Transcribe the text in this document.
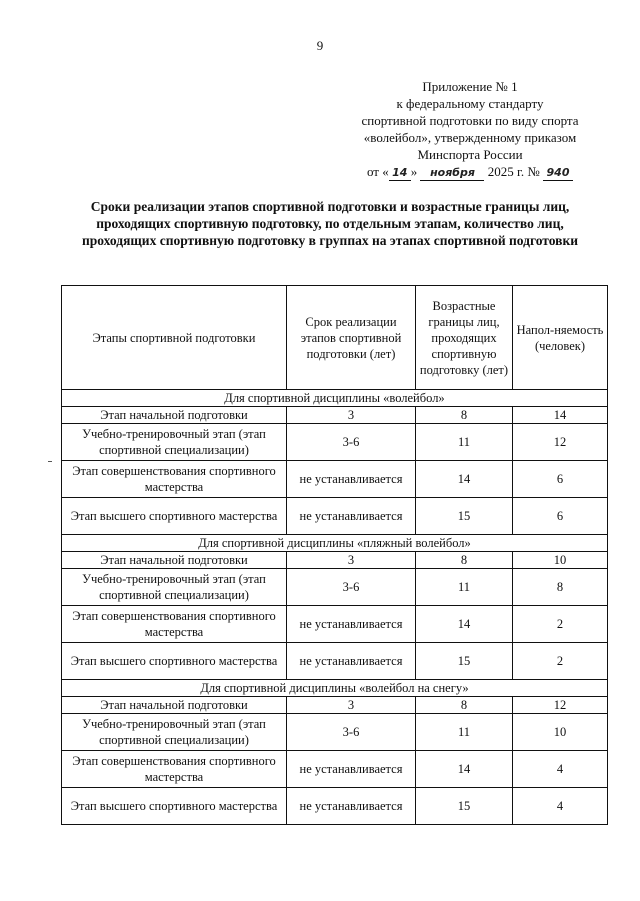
9
Приложение № 1
к федеральному стандарту
спортивной подготовки по виду спорта
«волейбол», утвержденному приказом
Минспорта России
от « 14 » ноября 2025 г. № 940
Сроки реализации этапов спортивной подготовки и возрастные границы лиц, проходящих спортивную подготовку, по отдельным этапам, количество лиц, проходящих спортивную подготовку в группах на этапах спортивной подготовки
Этапы спортивной подготовки	Срок реализации этапов спортивной подготовки (лет)	Возрастные границы лиц, проходящих спортивную подготовку (лет)	Напол-няемость (человек)
Для спортивной дисциплины «волейбол»			
Этап начальной подготовки	3	8	14
Учебно-тренировочный этап (этап спортивной специализации)	3-6	11	12
Этап совершенствования спортивного мастерства	не устанавливается	14	6
Этап высшего спортивного мастерства	не устанавливается	15	6
Для спортивной дисциплины «пляжный волейбол»			
Этап начальной подготовки	3	8	10
Учебно-тренировочный этап (этап спортивной специализации)	3-6	11	8
Этап совершенствования спортивного мастерства	не устанавливается	14	2
Этап высшего спортивного мастерства	не устанавливается	15	2
Для спортивной дисциплины «волейбол на снегу»			
Этап начальной подготовки	3	8	12
Учебно-тренировочный этап (этап спортивной специализации)	3-6	11	10
Этап совершенствования спортивного мастерства	не устанавливается	14	4
Этап высшего спортивного мастерства	не устанавливается	15	4
